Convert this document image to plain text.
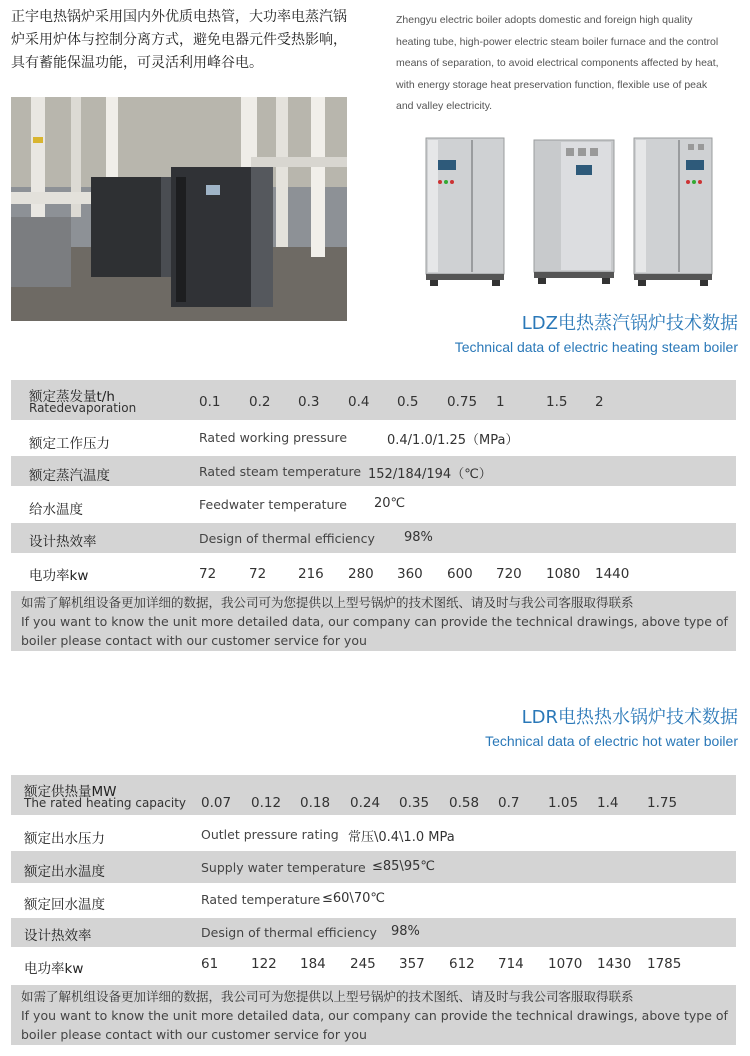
正宇电热锅炉采用国内外优质电热管，大功率电蒸汽锅
炉采用炉体与控制分离方式，避免电器元件受热影响，
具有蓄能保温功能，可灵活利用峰谷电。
Zhengyu electric boiler adopts domestic and foreign high quality
heating tube, high-power electric steam boiler furnace and the control
means of separation, to avoid electrical components affected by heat,
with energy storage heat preservation function, flexible use of peak
and valley electricity.
LDZ电热蒸汽锅炉技术数据
Technical data of electric heating steam boiler
额定蒸发量t/h
Ratedevaporation	0.1 0.2 0.3 0.4 0.5 0.75 1	1.5 2
额定工作压力	Rated working pressure	0.4/1.0/1.25（MPa）
额定蒸汽温度	Rated steam temperature 152/184/194（℃）
给水温度	Feedwater temperature 20℃
设计热效率	Design of thermal efficiency 98%
电功率kw	72 72 216 280 360 600 720 1080 1440
如需了解机组设备更加详细的数据，我公司可为您提供以上型号锅炉的技术图纸、请及时与我公司客服取得联系
If you want to know the unit more detailed data, our company can provide the technical drawings, above type of boiler please contact with our customer service for you
LDR电热热水锅炉技术数据
Technical data of electric hot water boiler
额定供热量MW
The rated heating capacity 0.07 0.12 0.18 0.24 0.35 0.58 0.7 1.05 1.4 1.75
额定出水压力	Outlet pressure rating 常压\0.4\1.0 MPa
额定出水温度	Supply water temperature ≤85\95℃
额定回水温度	Rated temperature ≤60\70℃
设计热效率	Design of thermal efficiency 98%
电功率kw	61 122 184 245 357 612 714 1070 1430 1785
如需了解机组设备更加详细的数据，我公司可为您提供以上型号锅炉的技术图纸、请及时与我公司客服取得联系
If you want to know the unit more detailed data, our company can provide the technical drawings, above type of boiler please contact with our customer service for you
